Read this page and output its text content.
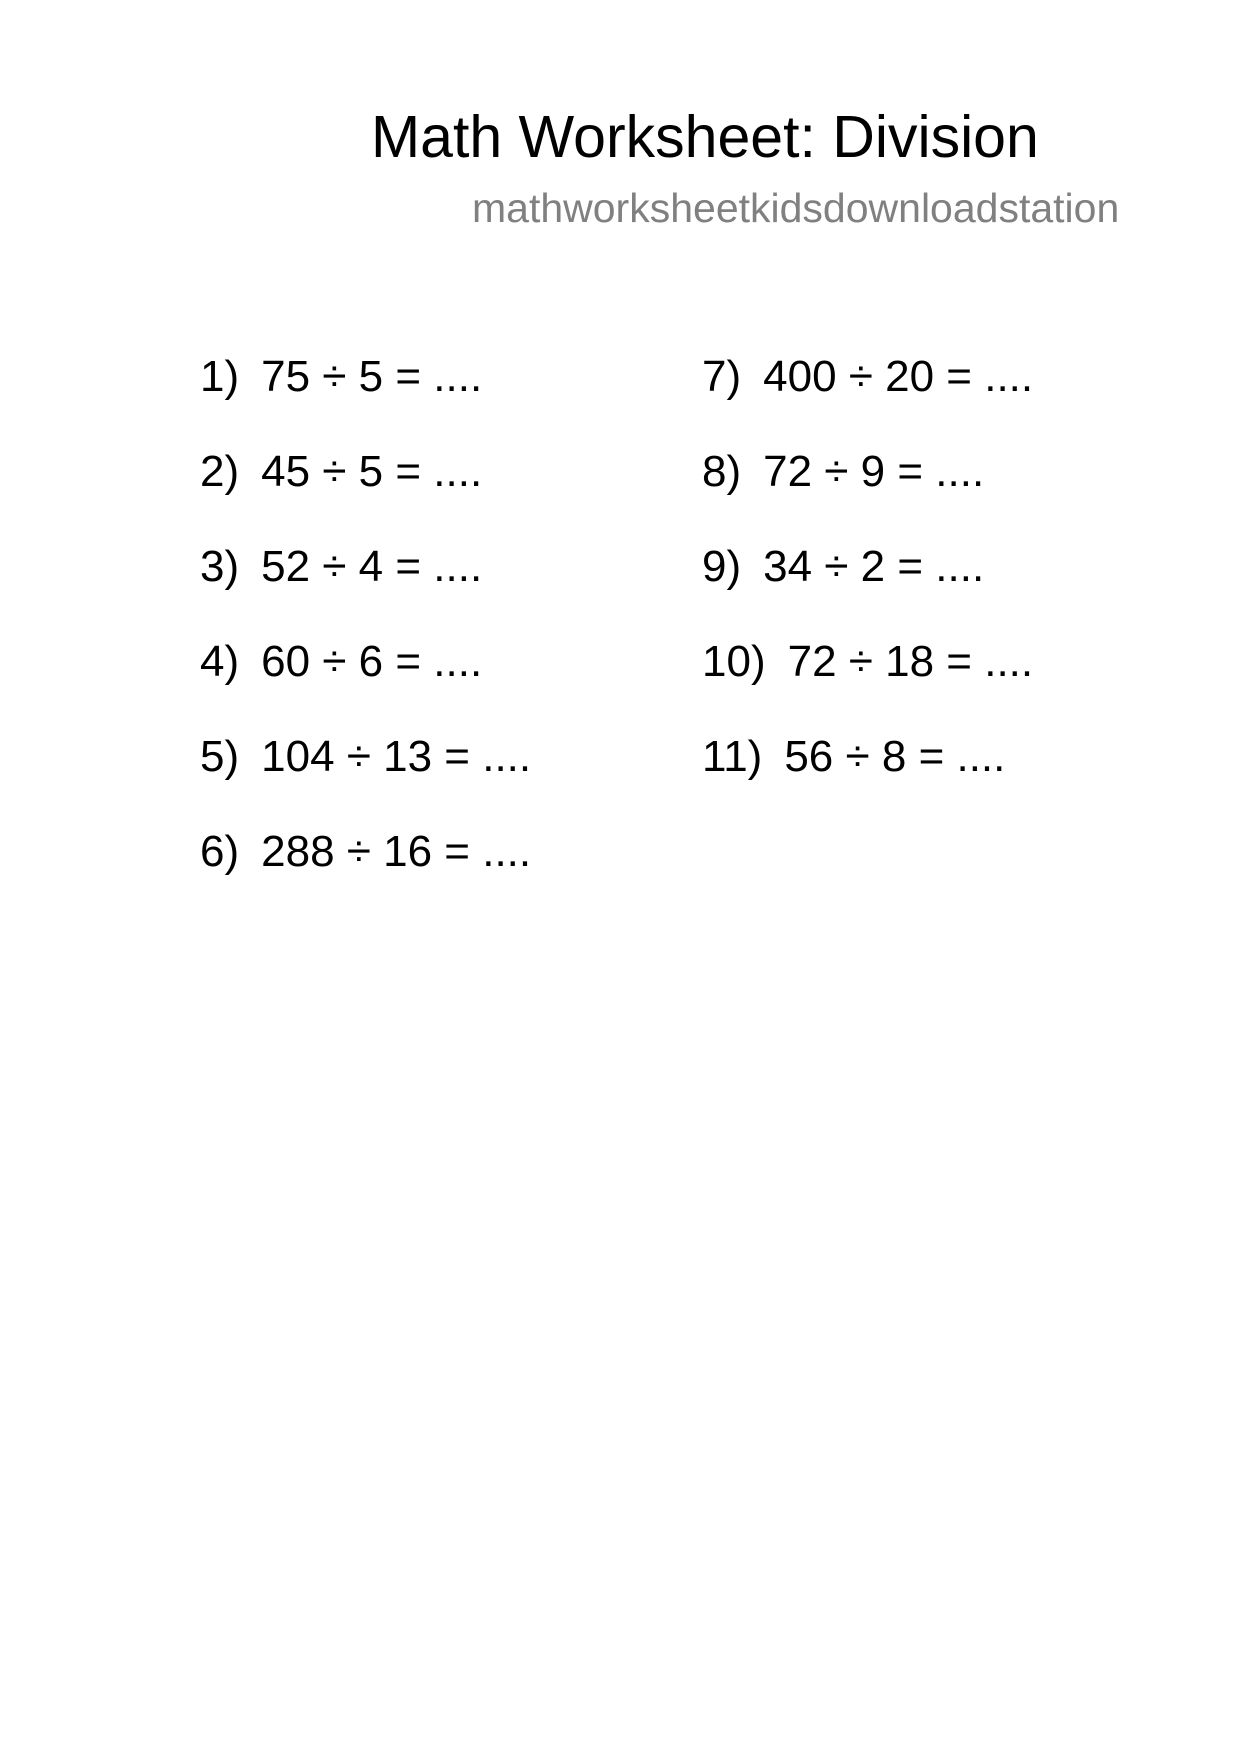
Math Worksheet: Division
mathworksheetkidsdownloadstation
1) 75 ÷ 5 = ....
2) 45 ÷ 5 = ....
3) 52 ÷ 4 = ....
4) 60 ÷ 6 = ....
5) 104 ÷ 13 = ....
6) 288 ÷ 16 = ....
7) 400 ÷ 20 = ....
8) 72 ÷ 9 = ....
9) 34 ÷ 2 = ....
10) 72 ÷ 18 = ....
11) 56 ÷ 8 = ....
